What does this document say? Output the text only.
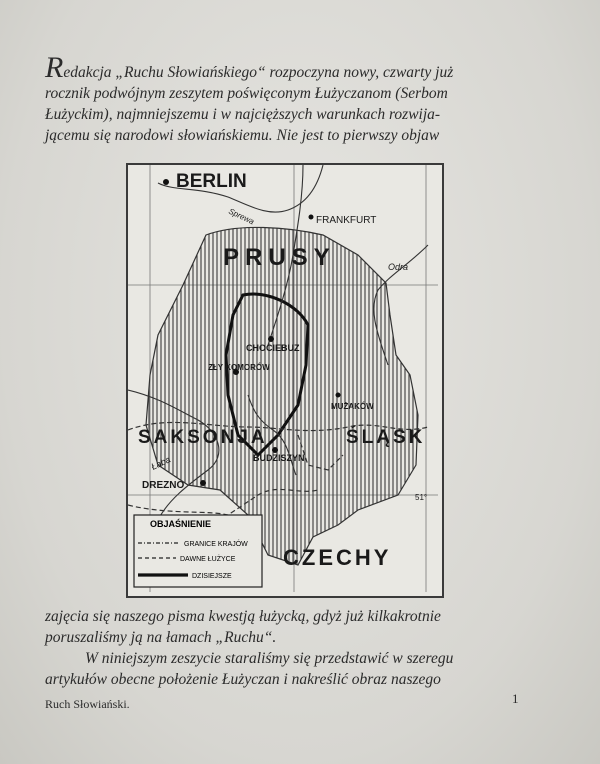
Redakcja „Ruchu Słowiańskiego“ rozpoczyna nowy, czwarty już
rocznik podwójnym zeszytem poświęconym Łużyczanom (Serbom
Łużyckim), najmniejszemu i w najcięższych warunkach rozwija-
jącemu się narodowi słowiańskiemu. Nie jest to pierwszy objaw
BERLIN
FRANKFURT
Sprewa
Odra
PRUSY
CHOCIEBUZ
ZŁY KOMORÓW
MUŻAKÓW
SAKSONJA	ŚLĄSK
BUDZISZYN
Łaba
DREZNO
CZECHY
51°
OBJAŚNIENIE
GRANICE KRAJÓW
DAWNE ŁUŻYCE
DZISIEJSZE
zajęcia się naszego pisma kwestją łużycką, gdyż już kilkakrotnie
poruszaliśmy ją na łamach „Ruchu“.
W niniejszym zeszycie staraliśmy się przedstawić w szeregu
artykułów obecne położenie Łużyczan i nakreślić obraz naszego
Ruch Słowiański.	1
